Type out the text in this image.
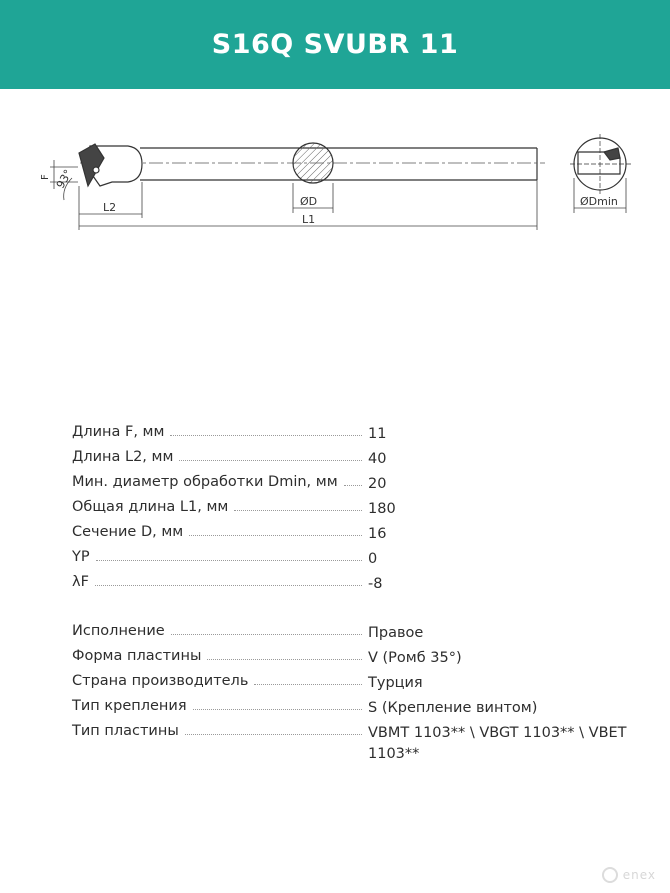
S16Q SVUBR 11
F 93°
ØD
L2
L1
ØDmin
Длина F, мм	11
Длина L2, мм	40
Мин. диаметр обработки Dmin, мм	20
Общая длина L1, мм	180
Сечение D, мм	16
YP	0
λF	-8
Исполнение	Правое
Форма пластины	V (Ромб 35°)
Страна производитель	Турция
Тип крепления	S (Крепление винтом)
Тип пластины	VBMT 1103** \ VBGT 1103** \ VBET 1103**
enex
